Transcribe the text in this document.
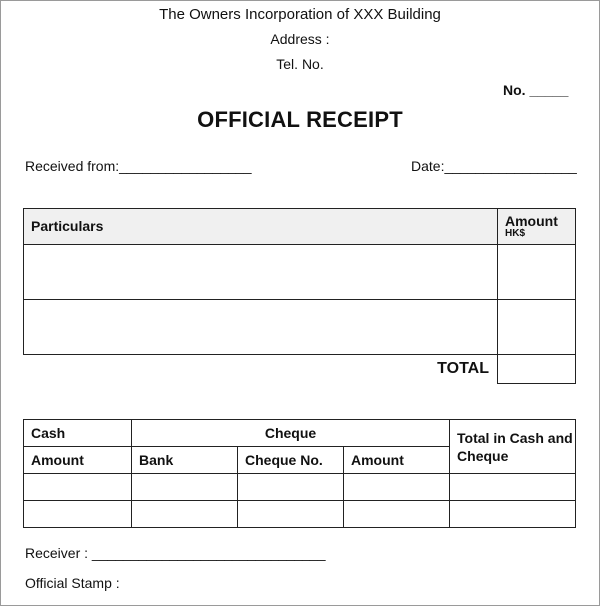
The Owners Incorporation of XXX Building
Address :
Tel. No.
No. _____
OFFICIAL RECEIPT
Received from:_________________	Date:_________________
Particulars	Amount
HK$

TOTAL	
Cash	Cheque			Total in Cash and Cheque
Amount	Bank	Cheque No.	Amount	

Receiver : ______________________________
Official Stamp :
